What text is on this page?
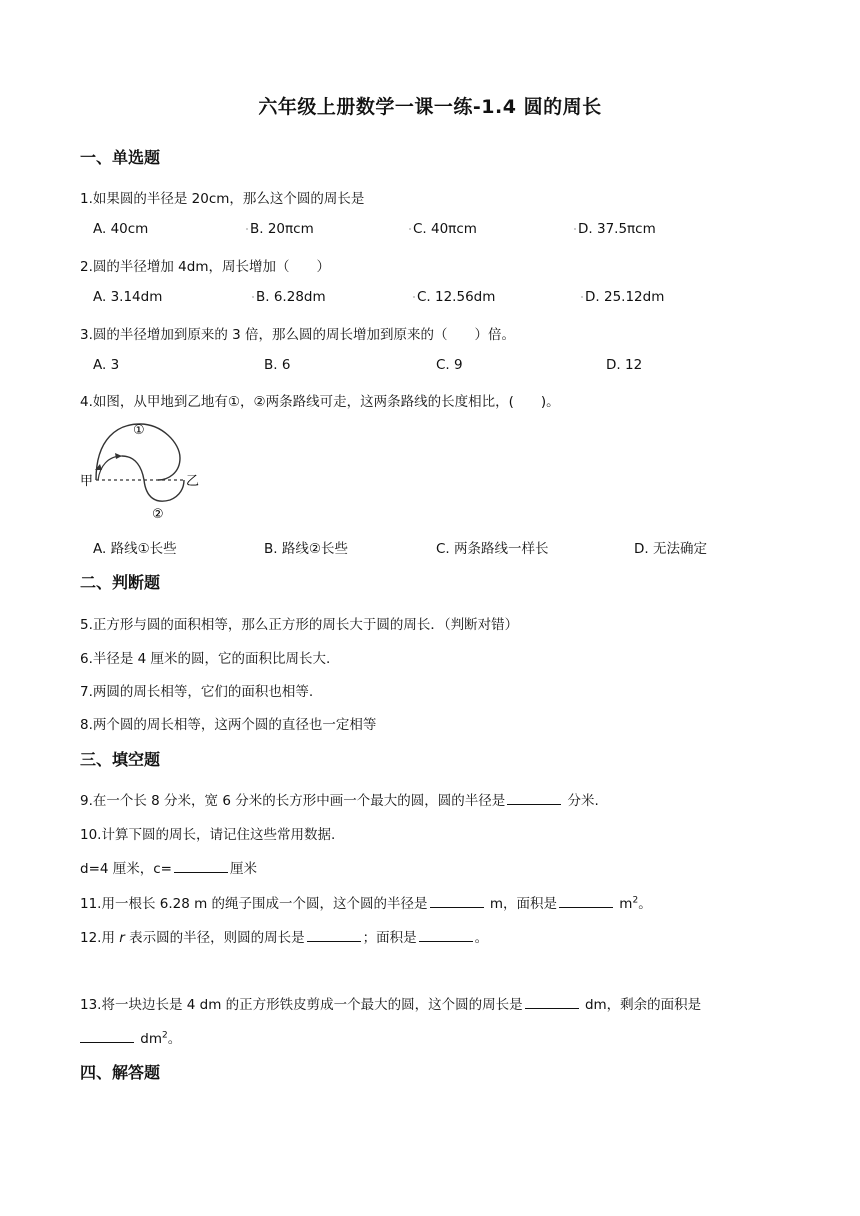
六年级上册数学一课一练-1.4 圆的周长
一、单选题
1.如果圆的半径是 20cm，那么这个圆的周长是
A. 40cm	B. 20πcm	C. 40πcm	D. 37.5πcm
2.圆的半径增加 4dm，周长增加（　　）
A. 3.14dm	B. 6.28dm	C. 12.56dm	D. 25.12dm
3.圆的半径增加到原来的 3 倍，那么圆的周长增加到原来的（　　）倍。
A. 3	B. 6	C. 9	D. 12
4.如图，从甲地到乙地有①，②两条路线可走，这两条路线的长度相比，(　　)。
甲	乙
①
②
A. 路线①长些	B. 路线②长些	C. 两条路线一样长	D. 无法确定
二、判断题
5.正方形与圆的面积相等，那么正方形的周长大于圆的周长．（判断对错）
6.半径是 4 厘米的圆，它的面积比周长大.
7.两圆的周长相等，它们的面积也相等.
8.两个圆的周长相等，这两个圆的直径也一定相等
三、填空题
9.在一个长 8 分米，宽 6 分米的长方形中画一个最大的圆，圆的半径是	分米.
10.计算下圆的周长，请记住这些常用数据.
d=4 厘米，c=	厘米
11.用一根长 6.28 m 的绳子围成一个圆，这个圆的半径是	m，面积是	$m^2$。
12.用 r 表示圆的半径，则圆的周长是	；面积是	。
13.将一块边长是 4 dm 的正方形铁皮剪成一个最大的圆，这个圆的周长是	dm，剩余的面积是
$dm^2$。
四、解答题
